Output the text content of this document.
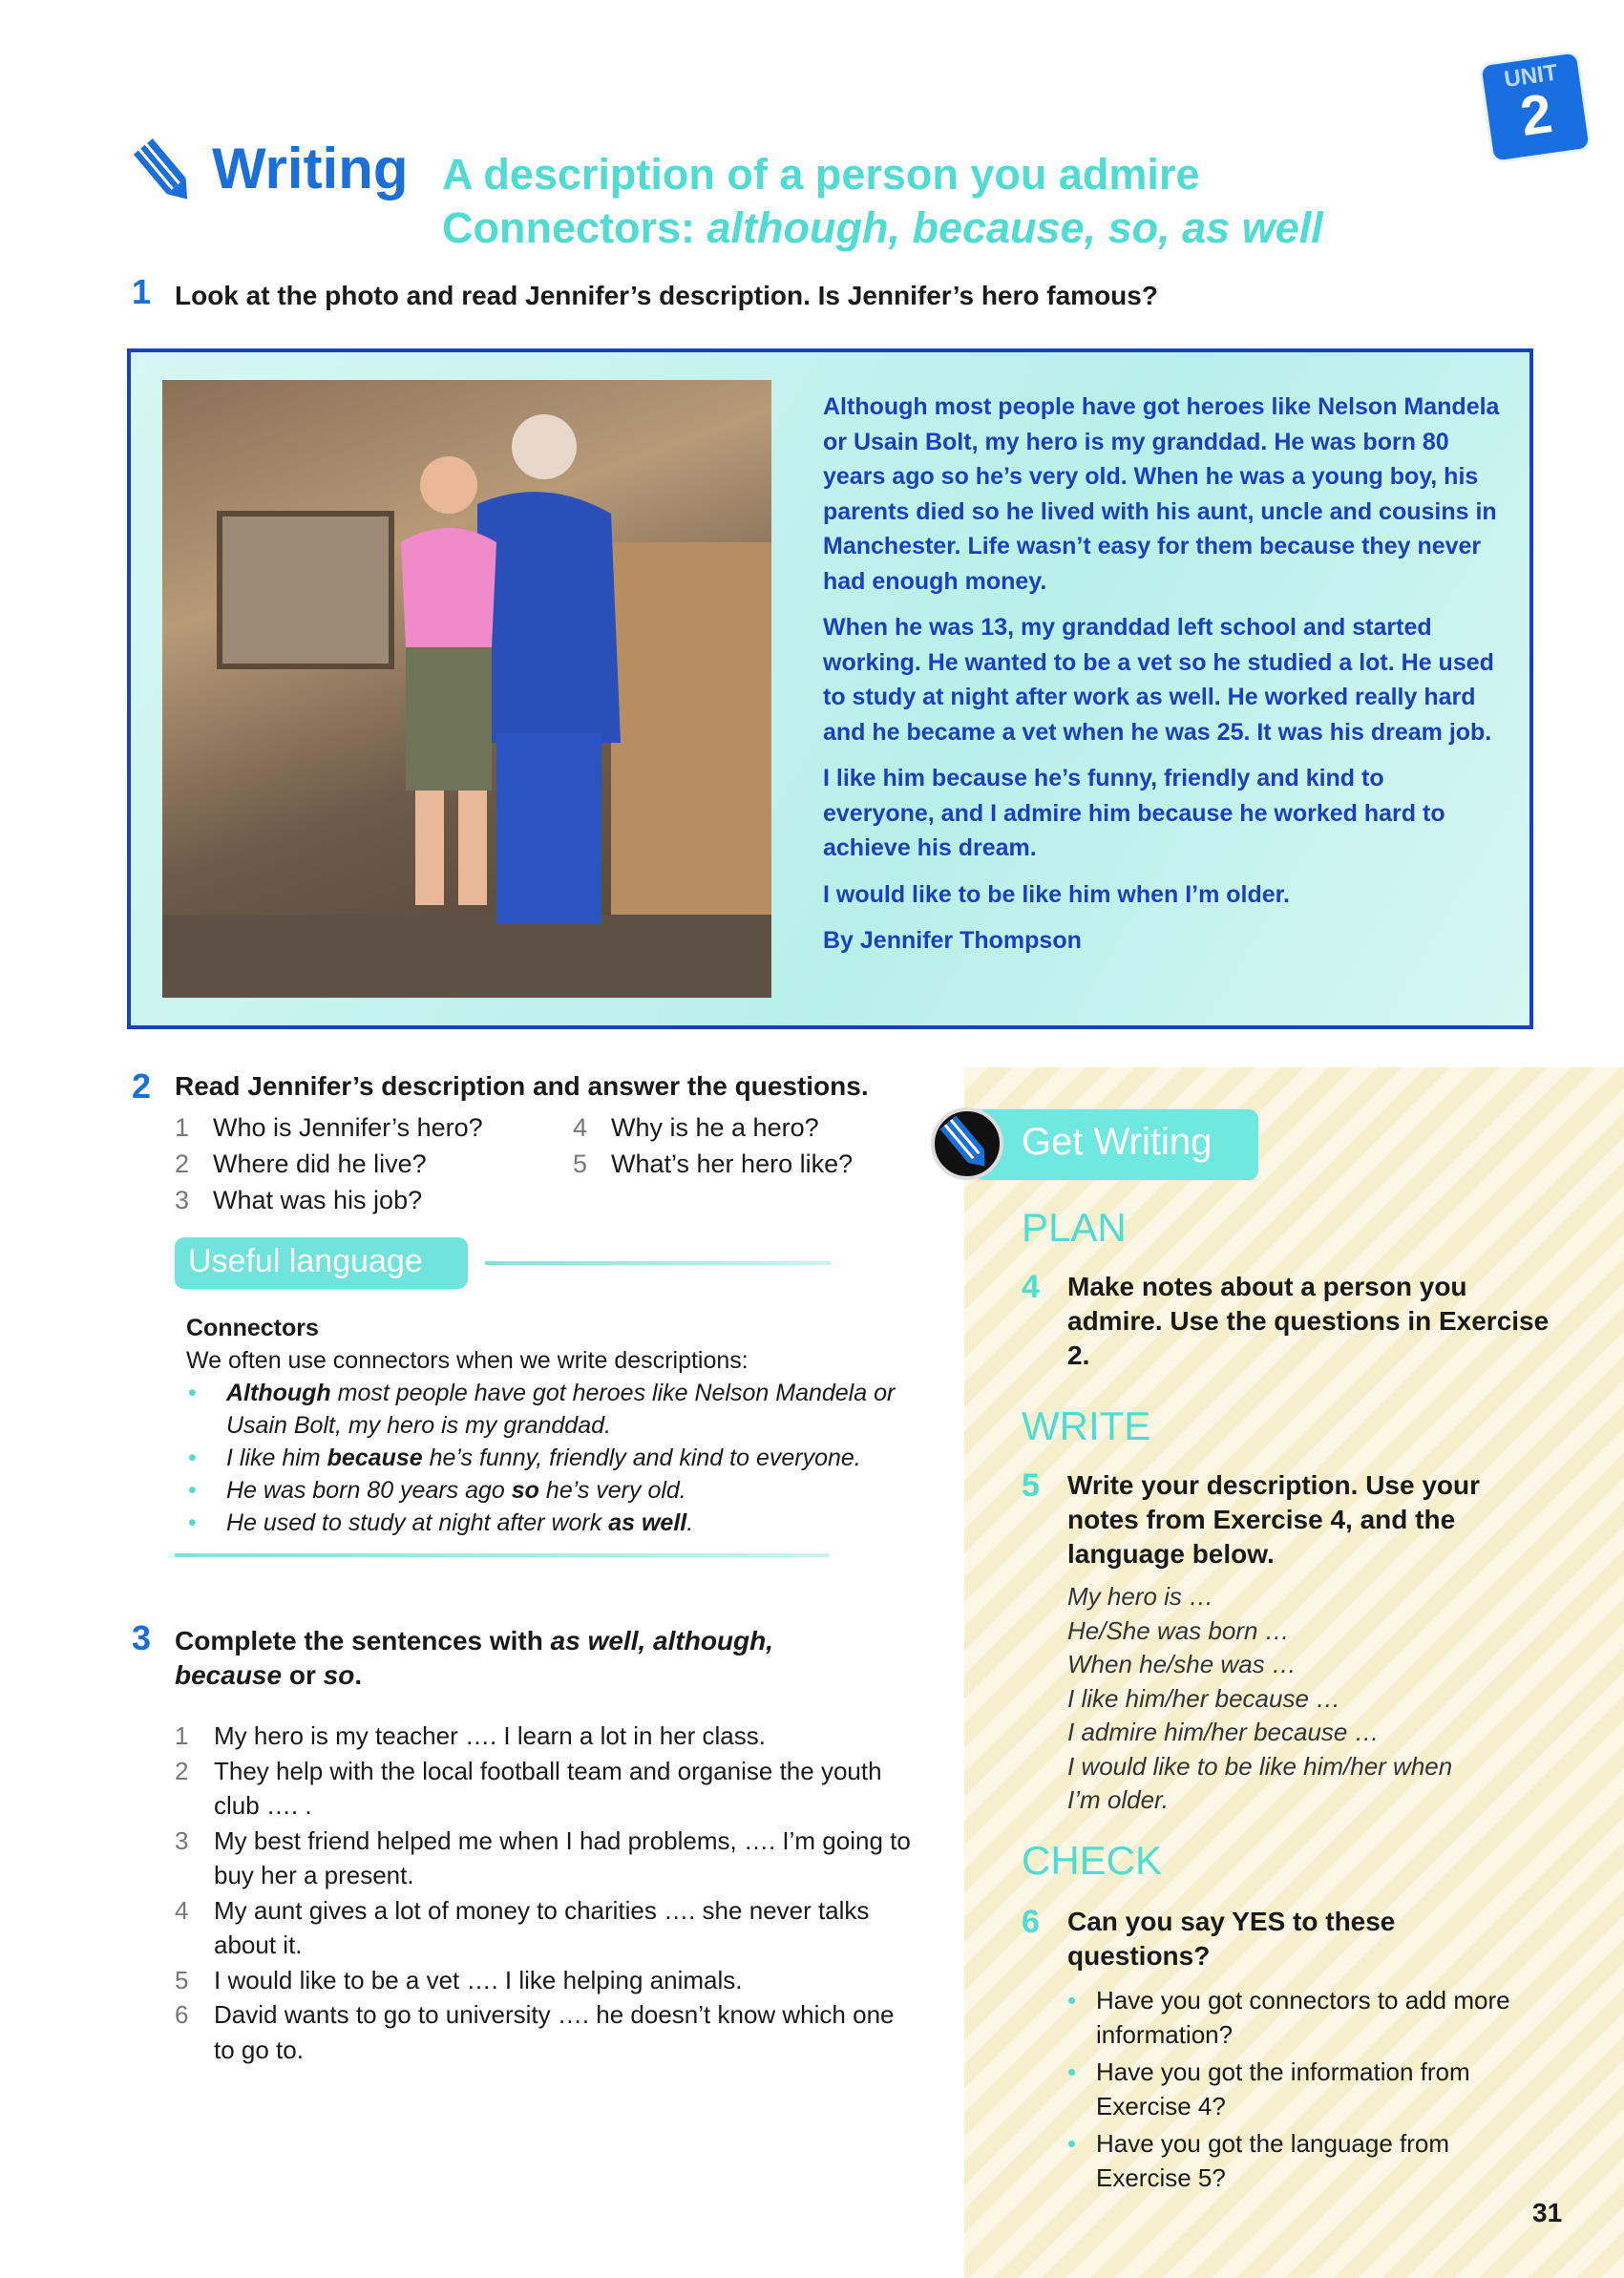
UNIT
2
Writing A description of a person you admire
Connectors: although, because, so, as well
1 Look at the photo and read Jennifer’s description. Is Jennifer’s hero famous?

Although most people have got heroes like Nelson Mandela or Usain Bolt, my hero is my granddad. He was born 80 years ago so he’s very old. When he was a young boy, his parents died so he lived with his aunt, uncle and cousins in Manchester. Life wasn’t easy for them because they never had enough money.

When he was 13, my granddad left school and started working. He wanted to be a vet so he studied a lot. He used to study at night after work as well. He worked really hard and he became a vet when he was 25. It was his dream job.

I like him because he’s funny, friendly and kind to everyone, and I admire him because he worked hard to achieve his dream.

I would like to be like him when I’m older.

By Jennifer Thompson

2 Read Jennifer’s description and answer the questions.
1 Who is Jennifer’s hero?
2 Where did he live?
3 What was his job?
4 Why is he a hero?
5 What’s her hero like?
Useful language
Connectors
We often use connectors when we write descriptions:
• Although most people have got heroes like Nelson Mandela or Usain Bolt, my hero is my granddad.
• I like him because he’s funny, friendly and kind to everyone.
• He was born 80 years ago so he’s very old.
• He used to study at night after work as well.
3 Complete the sentences with as well, although, because or so.
1 My hero is my teacher …. I learn a lot in her class.
2 They help with the local football team and organise the youth club …. .
3 My best friend helped me when I had problems, …. I’m going to buy her a present.
4 My aunt gives a lot of money to charities …. she never talks about it.
5 I would like to be a vet …. I like helping animals.
6 David wants to go to university …. he doesn’t know which one to go to.
Get Writing
PLAN
4	Make notes about a person you admire. Use the questions in Exercise 2.
WRITE
5	Write your description. Use your notes from Exercise 4, and the language below.
My hero is …
He/She was born …
When he/she was …
I like him/her because …
I admire him/her because …
I would like to be like him/her when
I’m older.
CHECK
6	Can you say YES to these questions?
• Have you got connectors to add more information?
• Have you got the information from Exercise 4?
• Have you got the language from Exercise 5?
31
